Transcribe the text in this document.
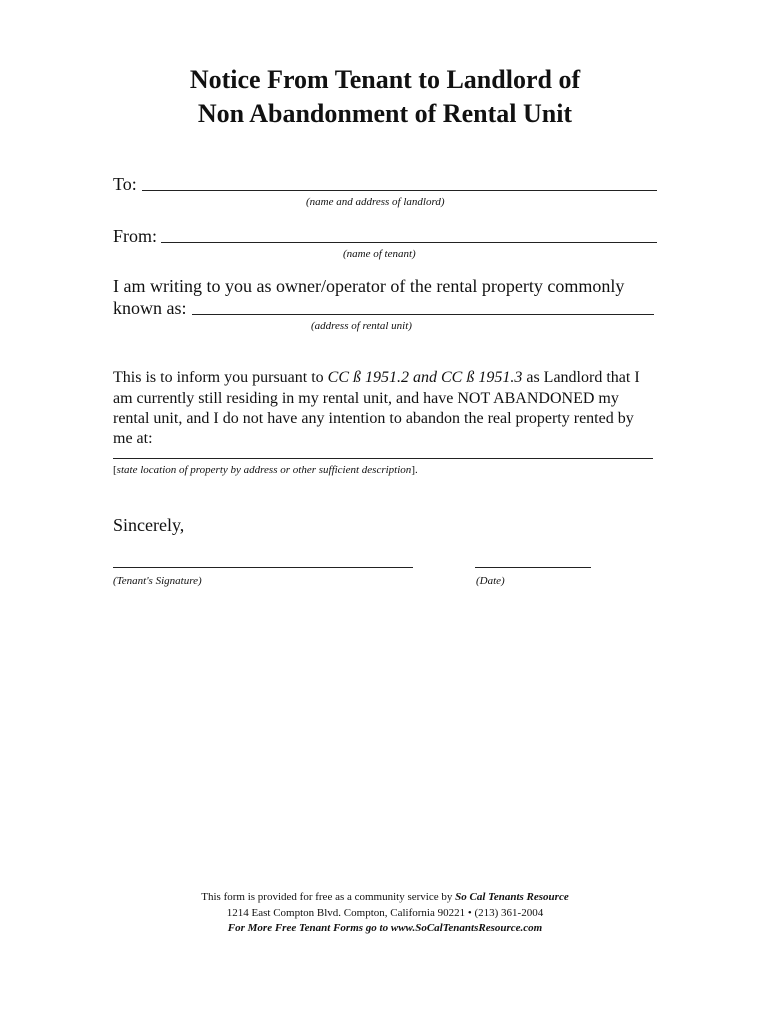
Notice From Tenant to Landlord of
Non Abandonment of Rental Unit
To:
(name and address of landlord)
From:
(name of tenant)
I am writing to you as owner/operator of the rental property commonly
known as:
(address of rental unit)
This is to inform you pursuant to CC ß 1951.2 and CC ß 1951.3 as Landlord that I
am currently still residing in my rental unit, and have NOT ABANDONED my
rental unit, and I do not have any intention to abandon the real property rented by
me at:
[state location of property by address or other sufficient description].
Sincerely,
(Tenant's Signature)	(Date)
This form is provided for free as a community service by So Cal Tenants Resource
1214 East Compton Blvd. Compton, California 90221 • (213) 361-2004
For More Free Tenant Forms go to www.SoCalTenantsResource.com
